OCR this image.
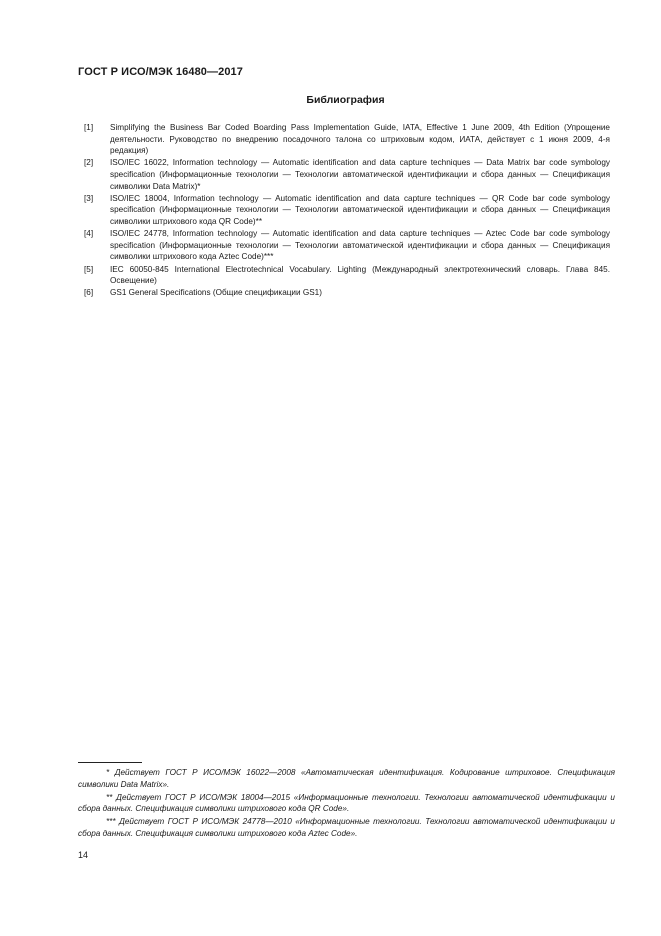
ГОСТ Р ИСО/МЭК 16480—2017
Библиография
[1]	Simplifying the Business Bar Coded Boarding Pass Implementation Guide, IATA, Effective 1 June 2009, 4th Edition (Упрощение деятельности. Руководство по внедрению посадочного талона со штриховым кодом, ИАТА, действует с 1 июня 2009, 4-я редакция)
[2]	ISO/IEC 16022, Information technology — Automatic identification and data capture techniques — Data Matrix bar code symbology specification (Информационные технологии — Технологии автоматической идентификации и сбора данных — Спецификация символики Data Matrix)*
[3]	ISO/IEC 18004, Information technology — Automatic identification and data capture techniques — QR Code bar code symbology specification (Информационные технологии — Технологии автоматической идентификации и сбора данных — Спецификация символики штрихового кода QR Code)**
[4]	ISO/IEC 24778, Information technology — Automatic identification and data capture techniques — Aztec Code bar code symbology specification (Информационные технологии — Технологии автоматической идентификации и сбора данных — Спецификация символики штрихового кода Aztec Code)***
[5]	IEC 60050-845 International Electrotechnical Vocabulary. Lighting (Международный электротехнический словарь. Глава 845. Освещение)
[6]	GS1 General Specifications (Общие спецификации GS1)
* Действует ГОСТ Р ИСО/МЭК 16022—2008 «Автоматическая идентификация. Кодирование штриховое. Спецификация символики Data Matrix».
** Действует ГОСТ Р ИСО/МЭК 18004—2015 «Информационные технологии. Технологии автоматической идентификации и сбора данных. Спецификация символики штрихового кода QR Code».
*** Действует ГОСТ Р ИСО/МЭК 24778—2010 «Информационные технологии. Технологии автоматической идентификации и сбора данных. Спецификация символики штрихового кода Aztec Code».
14
